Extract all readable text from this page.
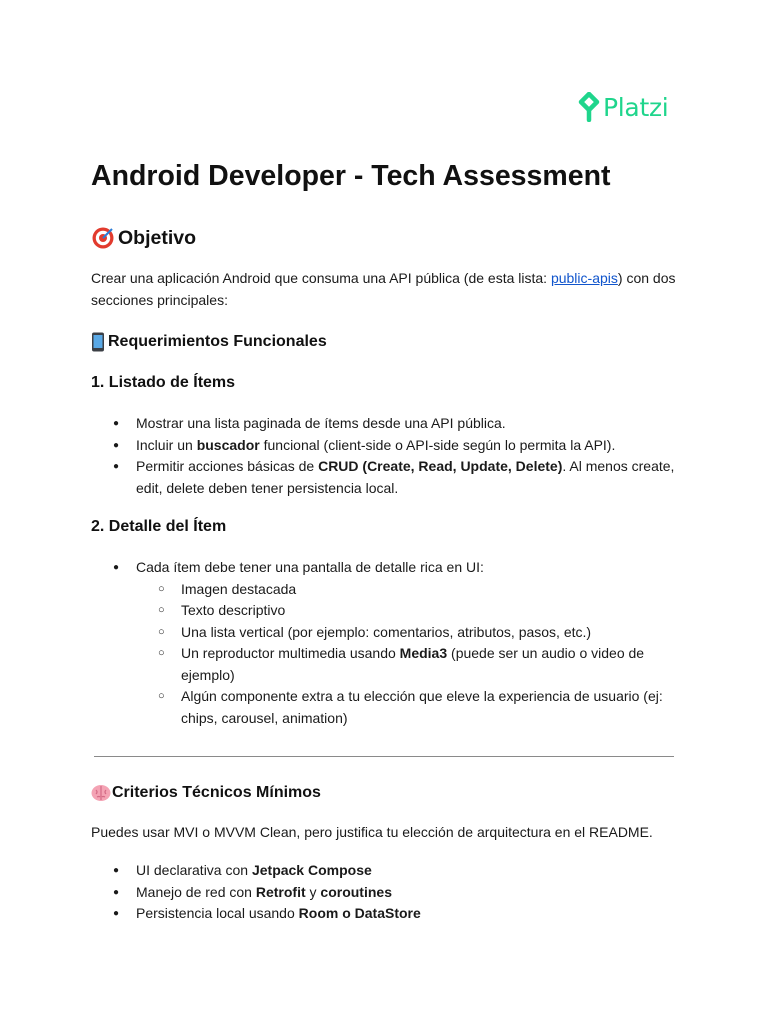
Platzi
Android Developer - Tech Assessment
Objetivo

Crear una aplicación Android que consuma una API pública (de esta lista: public-apis) con dos secciones principales:

Requerimientos Funcionales
1. Listado de Ítems
● Mostrar una lista paginada de ítems desde una API pública.
● Incluir un buscador funcional (client-side o API-side según lo permita la API).
● Permitir acciones básicas de CRUD (Create, Read, Update, Delete). Al menos create, edit, delete deben tener persistencia local.
2. Detalle del Ítem
● Cada ítem debe tener una pantalla de detalle rica en UI:
○ Imagen destacada
○ Texto descriptivo
○ Una lista vertical (por ejemplo: comentarios, atributos, pasos, etc.)
○ Un reproductor multimedia usando Media3 (puede ser un audio o video de ejemplo)
○ Algún componente extra a tu elección que eleve la experiencia de usuario (ej: chips, carousel, animation)
Criterios Técnicos Mínimos

Puedes usar MVI o MVVM Clean, pero justifica tu elección de arquitectura en el README.

● UI declarativa con Jetpack Compose
● Manejo de red con Retrofit y coroutines
● Persistencia local usando Room o DataStore
